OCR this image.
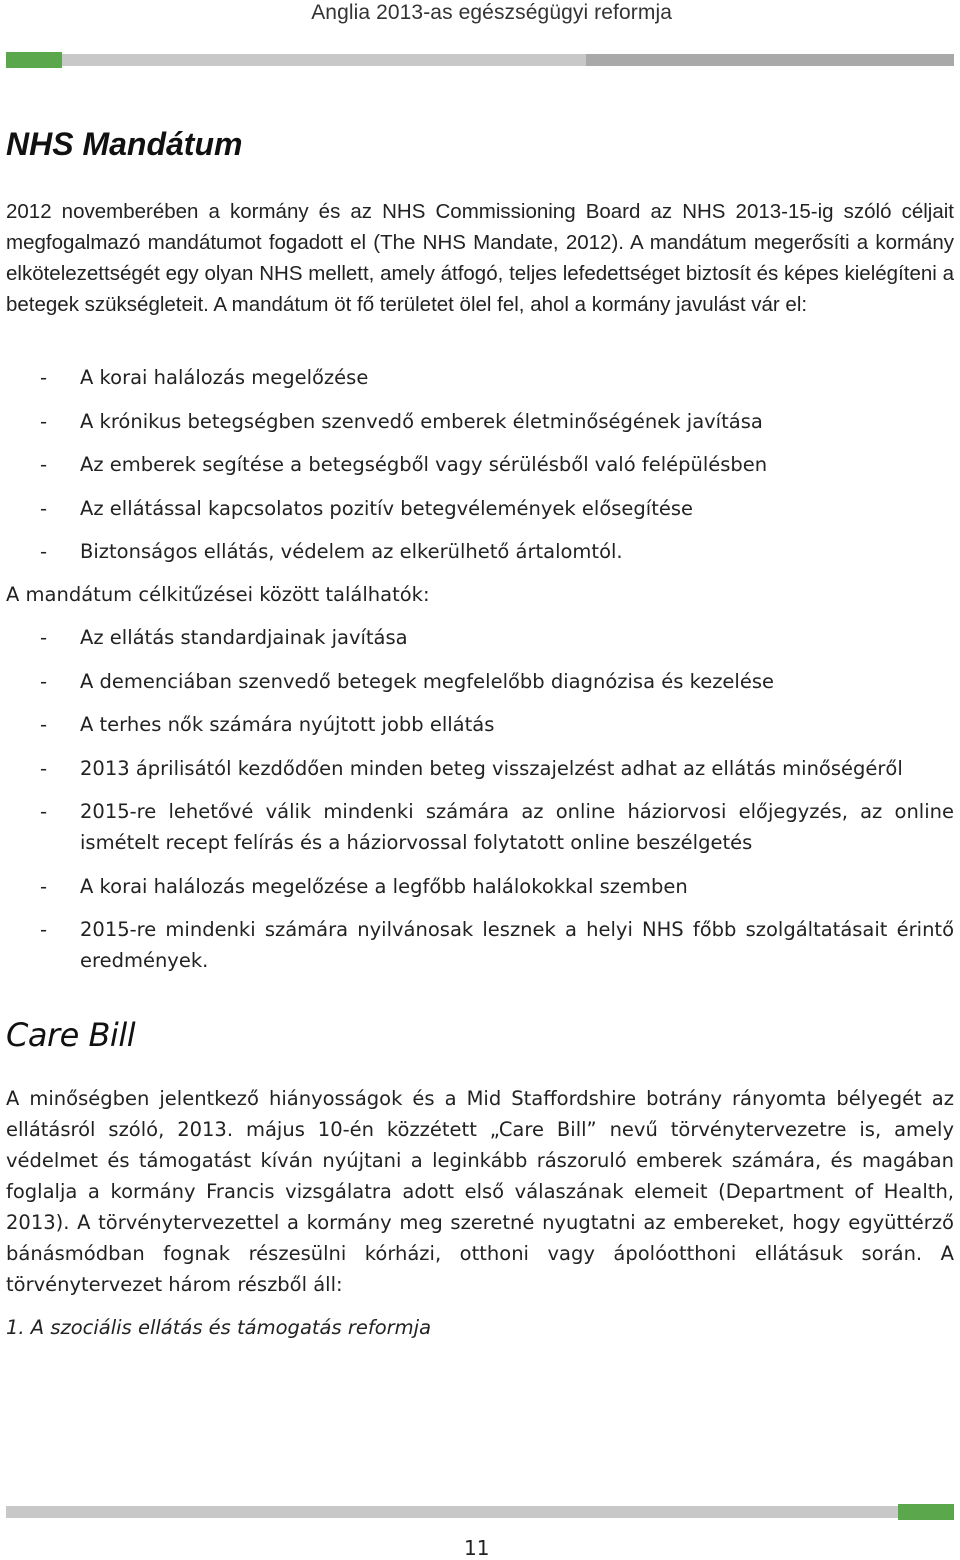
Anglia 2013-as egészségügyi reformja
NHS Mandátum

2012 novemberében a kormány és az NHS Commissioning Board az NHS 2013-15-ig szóló céljait megfogalmazó mandátumot fogadott el (The NHS Mandate, 2012). A mandátum megerősíti a kormány elkötelezettségét egy olyan NHS mellett, amely átfogó, teljes lefedettséget biztosít és képes kielégíteni a betegek szükségleteit. A mandátum öt fő területet ölel fel, ahol a kormány javulást vár el:

- A korai halálozás megelőzése
- A krónikus betegségben szenvedő emberek életminőségének javítása
- Az emberek segítése a betegségből vagy sérülésből való felépülésben
- Az ellátással kapcsolatos pozitív betegvélemények elősegítése
- Biztonságos ellátás, védelem az elkerülhető ártalomtól.

A mandátum célkitűzései között találhatók:

- Az ellátás standardjainak javítása
- A demenciában szenvedő betegek megfelelőbb diagnózisa és kezelése
- A terhes nők számára nyújtott jobb ellátás
- 2013 áprilisától kezdődően minden beteg visszajelzést adhat az ellátás minőségéről
- 2015-re lehetővé válik mindenki számára az online háziorvosi előjegyzés, az online ismételt recept felírás és a háziorvossal folytatott online beszélgetés
- A korai halálozás megelőzése a legfőbb halálokokkal szemben
- 2015-re mindenki számára nyilvánosak lesznek a helyi NHS főbb szolgáltatásait érintő eredmények.
Care Bill

A minőségben jelentkező hiányosságok és a Mid Staffordshire botrány rányomta bélyegét az ellátásról szóló, 2013. május 10-én közzétett „Care Bill” nevű törvénytervezetre is, amely védelmet és támogatást kíván nyújtani a leginkább rászoruló emberek számára, és magában foglalja a kormány Francis vizsgálatra adott első válaszának elemeit (Department of Health, 2013). A törvénytervezettel a kormány meg szeretné nyugtatni az embereket, hogy együttérző bánásmódban fognak részesülni kórházi, otthoni vagy ápolóotthoni ellátásuk során. A törvénytervezet három részből áll:

1. A szociális ellátás és támogatás reformja

11
